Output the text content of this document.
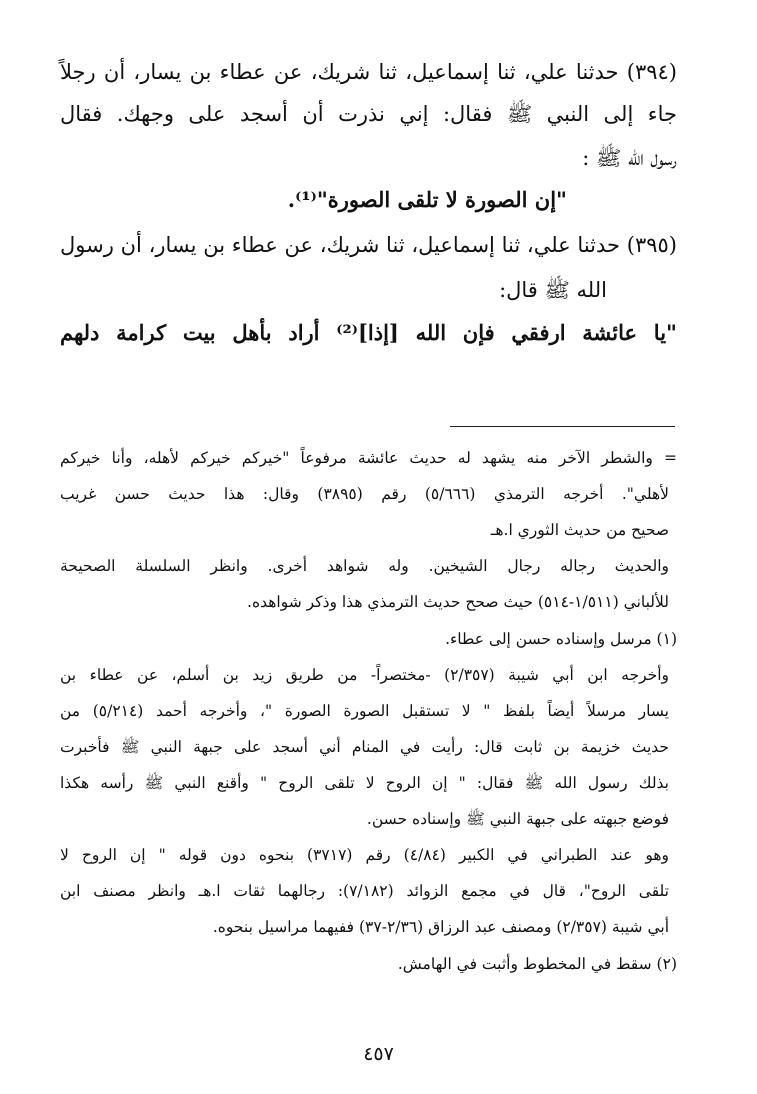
(٣٩٤) حدثنا علي، ثنا إسماعيل، ثنا شريك، عن عطاء بن يسار، أن رجلاً
جاء إلى النبي ﷺ فقال: إني نذرت أن أسجد على وجهك. فقال
رسول الله ﷺ :
"إن الصورة لا تلقى الصورة"⁽¹⁾.
(٣٩٥) حدثنا علي، ثنا إسماعيل، ثنا شريك، عن عطاء بن يسار، أن رسول
الله ﷺ قال:
"يا عائشة ارفقي فإن الله [إذا]⁽²⁾ أراد بأهل بيت كرامة دلهم
= والشطر الآخر منه يشهد له حديث عائشة مرفوعاً "خيركم خيركم لأهله، وأنا خيركم
لأهلي". أخرجه الترمذي (٥/٦٦٦) رقم (٣٨٩٥) وقال: هذا حديث حسن غريب
صحيح من حديث الثوري ا.هـ
والحديث رجاله رجال الشيخين. وله شواهد أخرى. وانظر السلسلة الصحيحة
للألباني (١/٥١١-٥١٤) حيث صحح حديث الترمذي هذا وذكر شواهده.
(١) مرسل وإسناده حسن إلى عطاء.
وأخرجه ابن أبي شيبة (٢/٣٥٧) -مختصراً- من طريق زيد بن أسلم، عن عطاء بن
يسار مرسلاً أيضاً بلفظ " لا تستقبل الصورة الصورة "، وأخرجه أحمد (٥/٢١٤) من
حديث خزيمة بن ثابت قال: رأيت في المنام أني أسجد على جبهة النبي ﷺ فأخبرت
بذلك رسول الله ﷺ فقال: " إن الروح لا تلقى الروح " وأقنع النبي ﷺ رأسه هكذا
فوضع جبهته على جبهة النبي ﷺ وإسناده حسن.
وهو عند الطبراني في الكبير (٤/٨٤) رقم (٣٧١٧) بنحوه دون قوله " إن الروح لا
تلقى الروح"، قال في مجمع الزوائد (٧/١٨٢): رجالهما ثقات ا.هـ وانظر مصنف ابن
أبي شيبة (٢/٣٥٧) ومصنف عبد الرزاق (٢/٣٦-٣٧) ففيهما مراسيل بنحوه.
(٢) سقط في المخطوط وأثبت في الهامش.
٤٥٧
